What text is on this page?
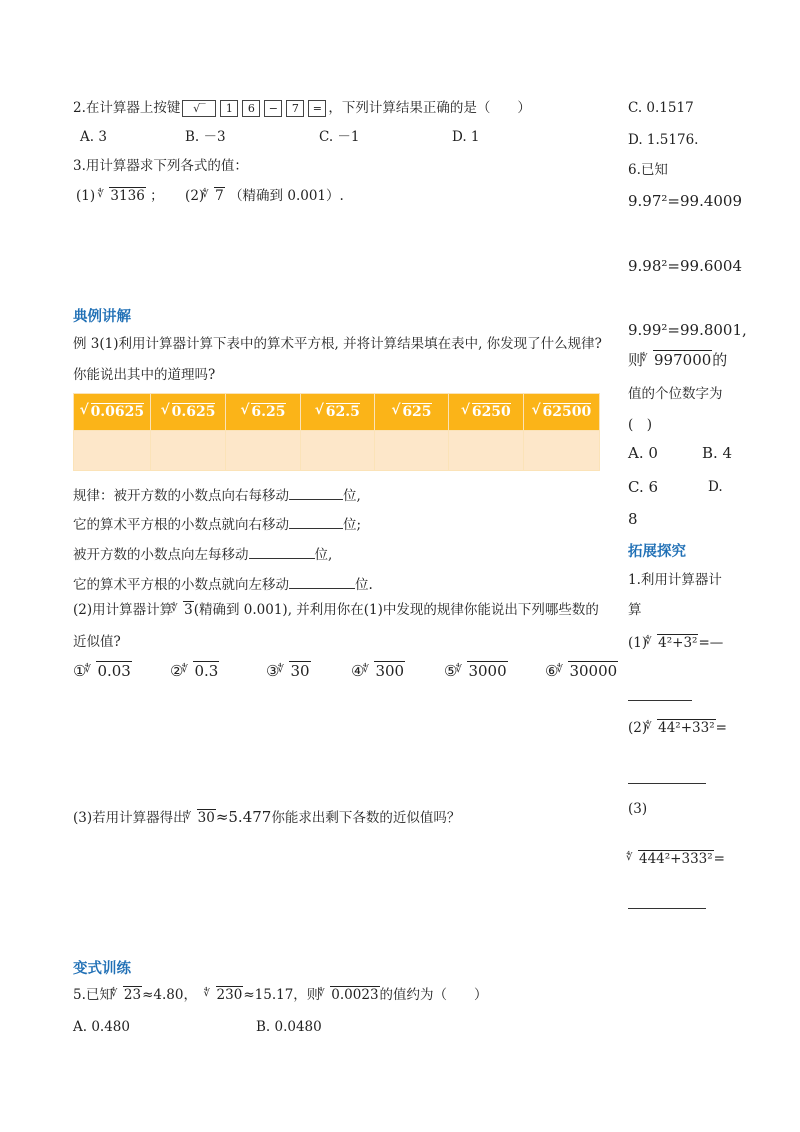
2.在计算器上按键 √‾ 1 6 − 7 = ，下列计算结果正确的是（　　）
A. 3	B. －3	C. －1	D. 1
3.用计算器求下列各式的值：
(1) ∜ 3136 ； (2) ∜ 7 （精确到 0.001）.
典例讲解
例 3(1)利用计算器计算下表中的算术平方根, 并将计算结果填在表中, 你发现了什么规律?
你能说出其中的道理吗?
√ 0.0625	√ 0.625	√ 6.25	√ 62.5	√ 625	√ 6250	√ 62500

规律：被开方数的小数点向右每移动	位,
它的算术平方根的小数点就向右移动	位;
被开方数的小数点向左每移动	位,
它的算术平方根的小数点就向左移动	位.
(2)用计算器计算 ∜ 3(精确到 0.001), 并利用你在(1)中发现的规律你能说出下列哪些数的
近似值?
① ∜ 0.03	② ∜ 0.3	③ ∜ 30	④ ∜ 300	⑤ ∜ 3000	⑥ ∜ 30000
(3)若用计算器得出 ∜ 30≈5.477你能求出剩下各数的近似值吗？
变式训练
5.已知 ∜ 23≈4.80， ∜ 230≈15.17，则 ∜ 0.0023的值约为（　　）
A. 0.480	B. 0.0480
C. 0.1517
D. 1.5176.
6.已知
9.97²=99.4009
9.98²=99.6004
9.99²=99.8001,
则 ∜ 997000的
值的个位数字为
(　)
A. 0	B. 4
C. 6	D.
8
拓展探究
1.利用计算器计
算
(1) ∜ 4²+3²=—
(2) ∜ 44²+33²=
(3)
∜ 444²+333²=
